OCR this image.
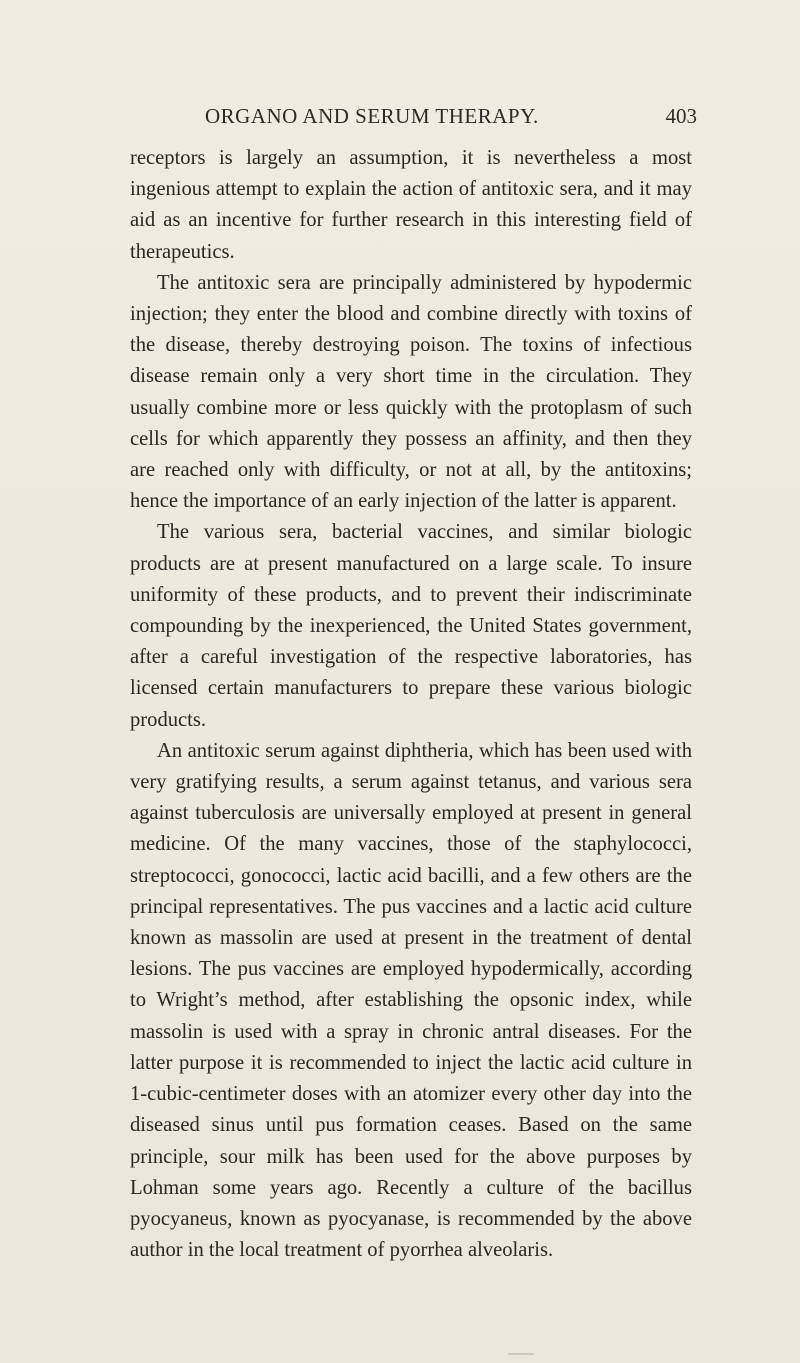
ORGANO AND SERUM THERAPY.	403

receptors is largely an assumption, it is nevertheless a most ingenious attempt to explain the action of antitoxic sera, and it may aid as an incentive for further research in this interesting field of therapeutics.

The antitoxic sera are principally administered by hypodermic injection; they enter the blood and combine directly with toxins of the disease, thereby destroying poison. The toxins of infectious disease remain only a very short time in the circulation. They usually combine more or less quickly with the protoplasm of such cells for which apparently they possess an affinity, and then they are reached only with difficulty, or not at all, by the antitoxins; hence the importance of an early injection of the latter is apparent.

The various sera, bacterial vaccines, and similar biologic products are at present manufactured on a large scale. To insure uniformity of these products, and to prevent their indiscriminate compounding by the inexperienced, the United States government, after a careful investigation of the respective laboratories, has licensed certain manufacturers to prepare these various biologic products.

An antitoxic serum against diphtheria, which has been used with very gratifying results, a serum against tetanus, and various sera against tuberculosis are universally employed at present in general medicine. Of the many vaccines, those of the staphylococci, streptococci, gonococci, lactic acid bacilli, and a few others are the principal representatives. The pus vaccines and a lactic acid culture known as massolin are used at present in the treatment of dental lesions. The pus vaccines are employed hypodermically, according to Wright’s method, after establishing the opsonic index, while massolin is used with a spray in chronic antral diseases. For the latter purpose it is recommended to inject the lactic acid culture in 1-cubic-centimeter doses with an atomizer every other day into the diseased sinus until pus formation ceases. Based on the same principle, sour milk has been used for the above purposes by Lohman some years ago. Recently a culture of the bacillus pyocyaneus, known as pyocyanase, is recommended by the above author in the local treatment of pyorrhea alveolaris.
